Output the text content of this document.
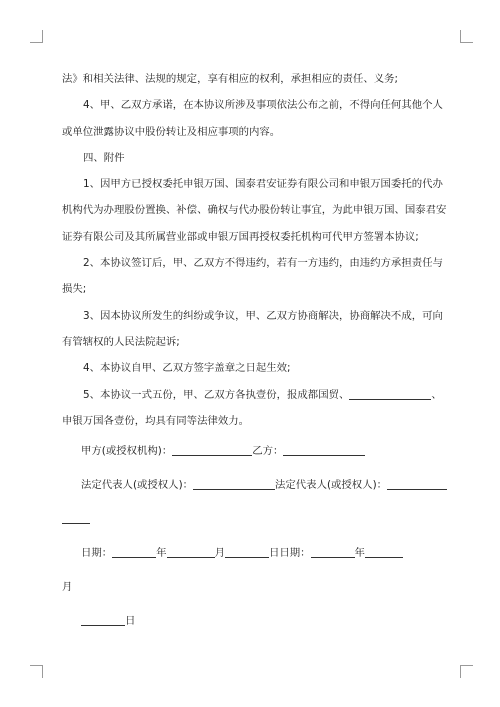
法》和相关法律、法规的规定，享有相应的权利，承担相应的责任、义务;
4、甲、乙双方承诺，在本协议所涉及事项依法公布之前，不得向任何其他个人
或单位泄露协议中股份转让及相应事项的内容。
四、附件
1、因甲方已授权委托申银万国、国泰君安证券有限公司和申银万国委托的代办
机构代为办理股份置换、补偿、确权与代办股份转让事宜，为此申银万国、国泰君安
证券有限公司及其所属营业部或申银万国再授权委托机构可代甲方签署本协议;
2、本协议签订后，甲、乙双方不得违约，若有一方违约，由违约方承担责任与
损失;
3、因本协议所发生的纠纷或争议，甲、乙双方协商解决，协商解决不成，可向
有管辖权的人民法院起诉;
4、本协议自甲、乙双方签字盖章之日起生效;
5、本协议一式五份，甲、乙双方各执壹份，报成都国贸、	、
申银万国各壹份，均具有同等法律效力。
甲方(或授权机构)：	乙方：
法定代表人(或授权人)：	法定代表人(或授权人)：
日期：	年	月	日日期：	年
月
日
